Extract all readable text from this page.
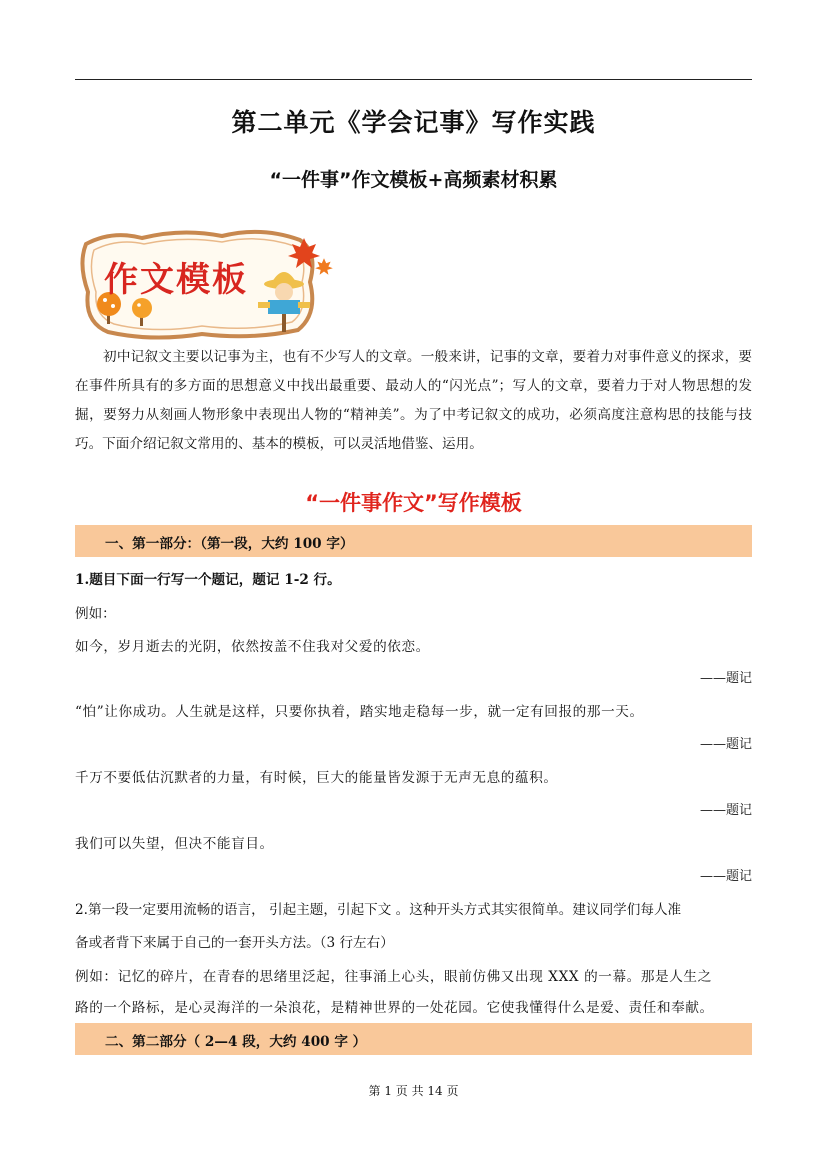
第二单元《学会记事》写作实践
“一件事”作文模板+高频素材积累
作文模板
初中记叙文主要以记事为主，也有不少写人的文章。一般来讲，记事的文章，要着力对事件意义的探求，要在事件所具有的多方面的思想意义中找出最重要、最动人的“闪光点”；写人的文章，要着力于对人物思想的发掘，要努力从刻画人物形象中表现出人物的“精神美”。为了中考记叙文的成功，必须高度注意构思的技能与技巧。下面介绍记叙文常用的、基本的模板，可以灵活地借鉴、运用。
“一件事作文”写作模板
一、第一部分：（第一段，大约 100 字）
1.题目下面一行写一个题记，题记 1-2 行。
例如：
如今，岁月逝去的光阴，依然按盖不住我对父爱的依恋。
——题记
“怕”让你成功。人生就是这样，只要你执着，踏实地走稳每一步，就一定有回报的那一天。
——题记
千万不要低估沉默者的力量，有时候，巨大的能量皆发源于无声无息的蕴积。
——题记
我们可以失望，但决不能盲目。
——题记
2.第一段一定要用流畅的语言， 引起主题，引起下文 。这种开头方式其实很简单。建议同学们每人准
备或者背下来属于自己的一套开头方法。（3 行左右）
例如：记忆的碎片，在青春的思绪里泛起，往事涌上心头，眼前仿佛又出现 XXX 的一幕。那是人生之
路的一个路标，是心灵海洋的一朵浪花，是精神世界的一处花园。它使我懂得什么是爱、责任和奉献。
二、第二部分（ 2—4 段，大约 400 字 ）
第 1 页 共 14 页
